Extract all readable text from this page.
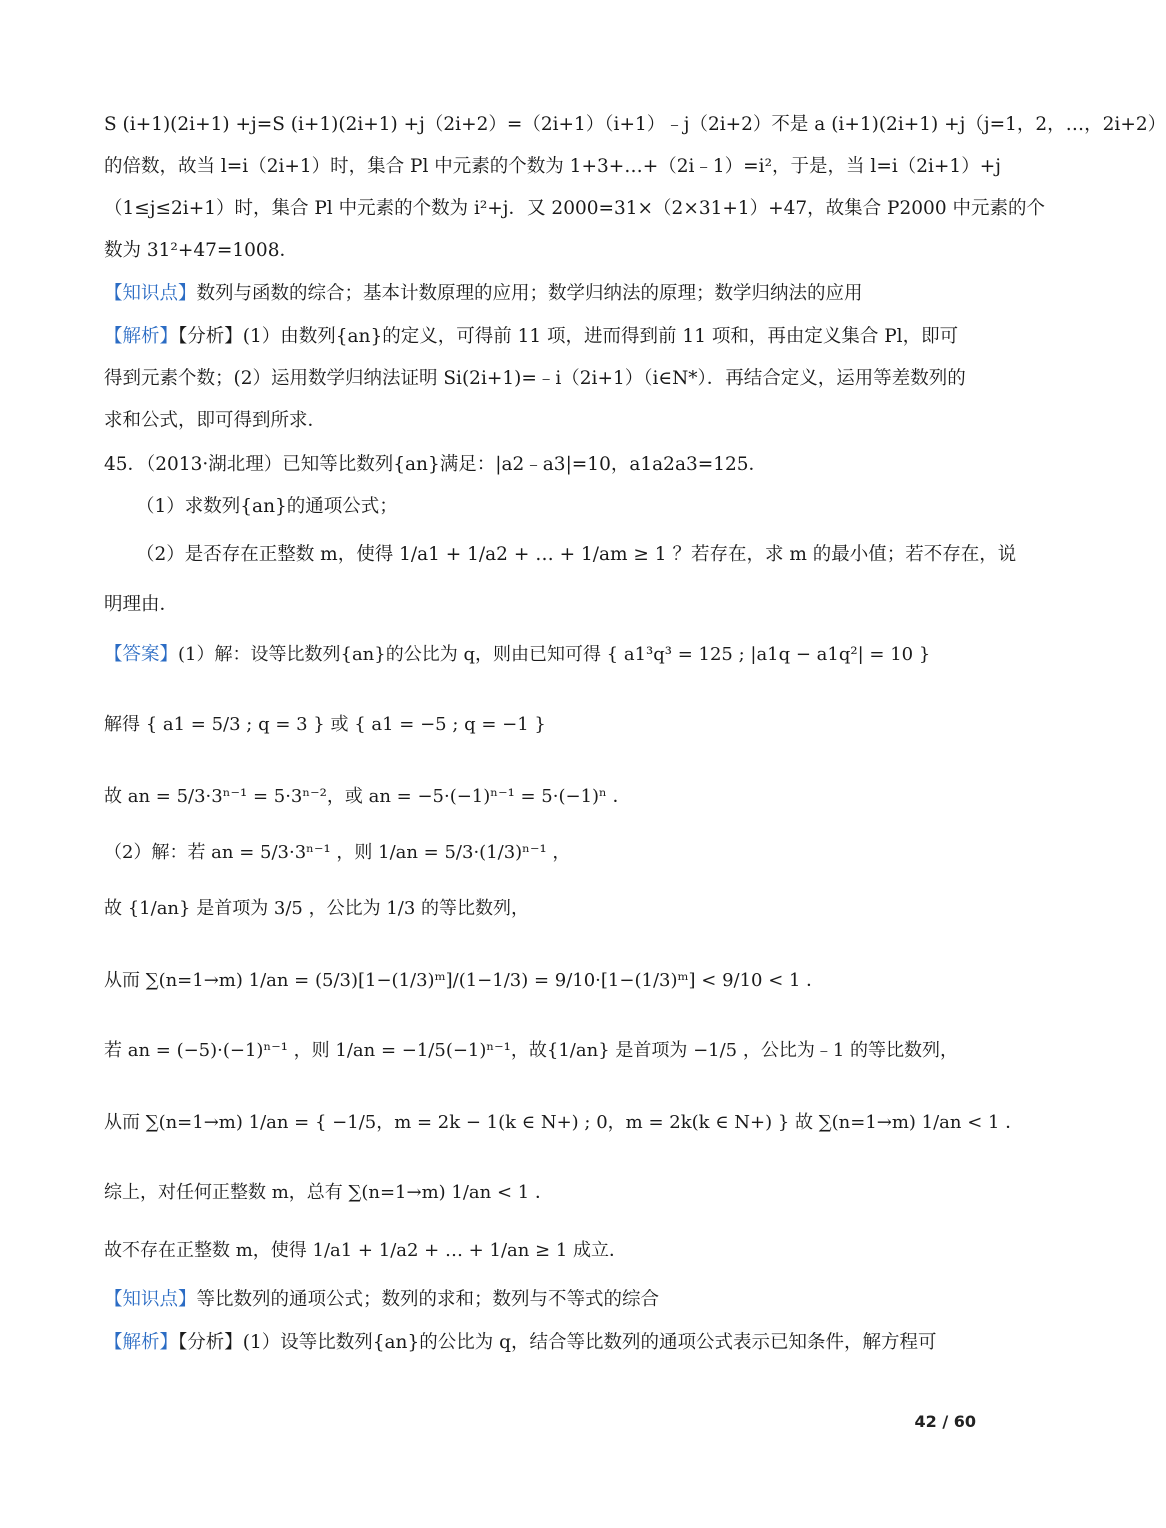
S (i+1)(2i+1) +j=S (i+1)(2i+1) +j（2i+2）=（2i+1）（i+1）﹣j（2i+2）不是 a (i+1)(2i+1) +j（j=1，2，…，2i+2）
的倍数，故当 l=i（2i+1）时，集合 Pl 中元素的个数为 1+3+…+（2i﹣1）=i²，于是，当 l=i（2i+1）+j
（1≤j≤2i+1）时，集合 Pl 中元素的个数为 i²+j．又 2000=31×（2×31+1）+47，故集合 P2000 中元素的个
数为 31²+47=1008．
【知识点】数列与函数的综合；基本计数原理的应用；数学归纳法的原理；数学归纳法的应用
【解析】【分析】(1）由数列{an}的定义，可得前 11 项，进而得到前 11 项和，再由定义集合 Pl，即可
得到元素个数；(2）运用数学归纳法证明 Si(2i+1)=﹣i（2i+1）（i∈N*）．再结合定义，运用等差数列的
求和公式，即可得到所求．
45．（2013·湖北理）已知等比数列{an}满足：|a2﹣a3|=10，a1a2a3=125．
（1）求数列{an}的通项公式；
（2）是否存在正整数 m，使得 1/a1 + 1/a2 + … + 1/am ≥ 1 ？若存在，求 m 的最小值；若不存在，说
明理由．
【答案】(1）解：设等比数列{an}的公比为 q，则由已知可得 { a1³q³ = 125 ; |a1q − a1q²| = 10 }
解得 { a1 = 5/3 ; q = 3 } 或 { a1 = −5 ; q = −1 }
故 an = 5/3·3ⁿ⁻¹ = 5·3ⁿ⁻²，或 an = −5·(−1)ⁿ⁻¹ = 5·(−1)ⁿ ．
（2）解：若 an = 5/3·3ⁿ⁻¹ ，则 1/an = 5/3·(1/3)ⁿ⁻¹ ，
故 {1/an} 是首项为 3/5 ，公比为 1/3 的等比数列，
从而 ∑(n=1→m) 1/an = (5/3)[1−(1/3)ᵐ]/(1−1/3) = 9/10·[1−(1/3)ᵐ] < 9/10 < 1 ．
若 an = (−5)·(−1)ⁿ⁻¹ ，则 1/an = −1/5(−1)ⁿ⁻¹，故{1/an} 是首项为 −1/5 ，公比为﹣1 的等比数列，
从而 ∑(n=1→m) 1/an = { −1/5，m = 2k − 1(k ∈ N+) ; 0，m = 2k(k ∈ N+) } 故 ∑(n=1→m) 1/an < 1 ．
综上，对任何正整数 m，总有 ∑(n=1→m) 1/an < 1 ．
故不存在正整数 m，使得 1/a1 + 1/a2 + … + 1/an ≥ 1 成立．
【知识点】等比数列的通项公式；数列的求和；数列与不等式的综合
【解析】【分析】(1）设等比数列{an}的公比为 q，结合等比数列的通项公式表示已知条件，解方程可
42 / 60
